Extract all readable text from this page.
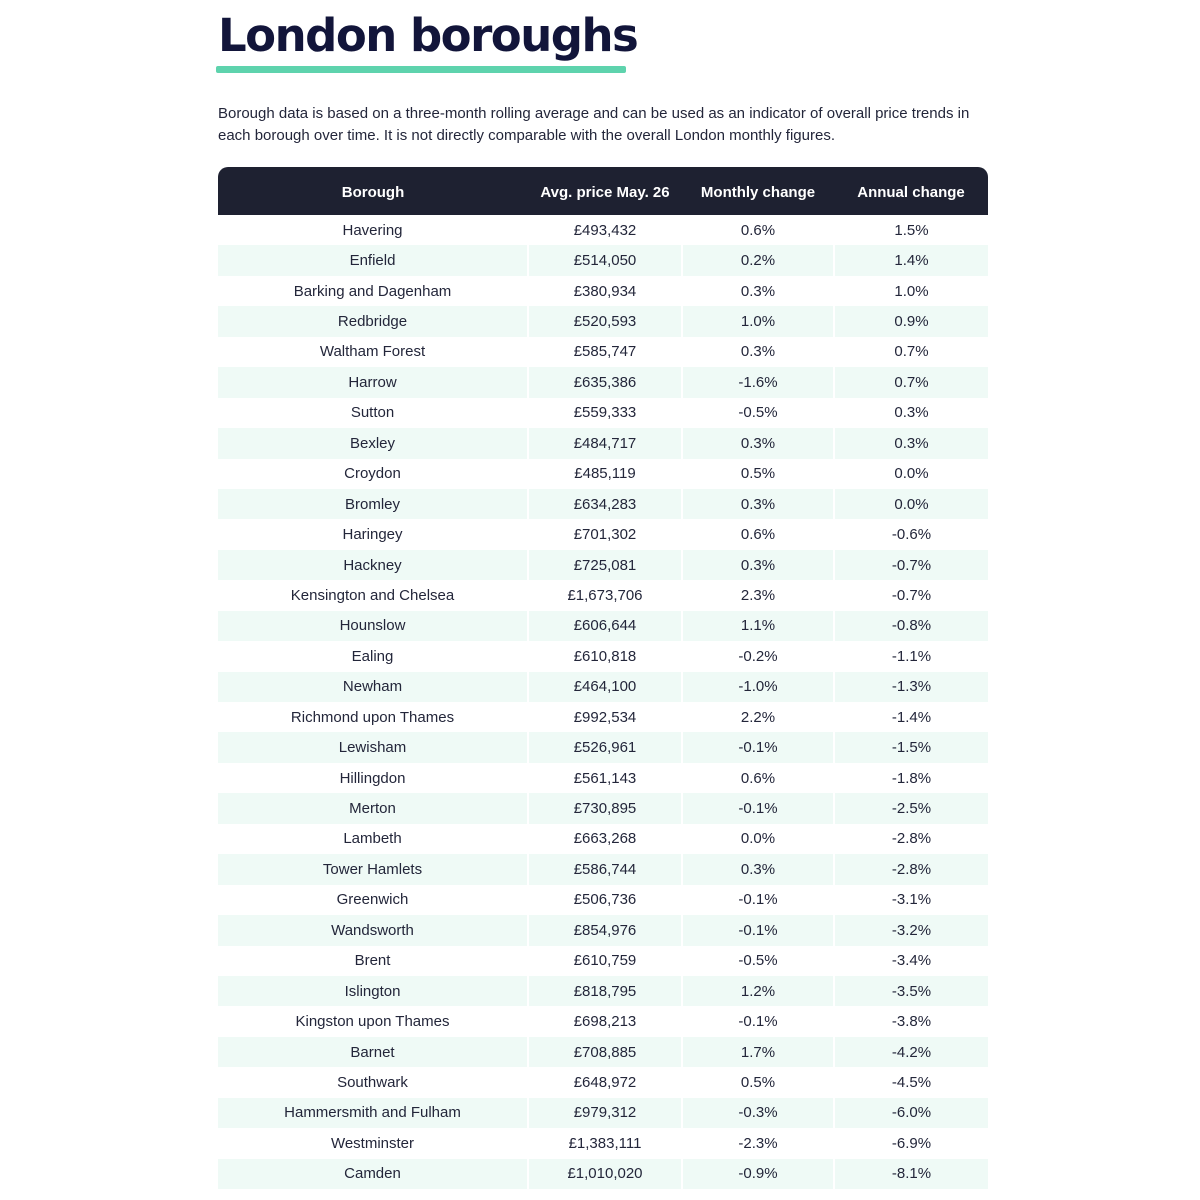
London boroughs

Borough data is based on a three-month rolling average and can be used as an indicator of overall price trends in each borough over time. It is not directly comparable with the overall London monthly figures.

Borough	Avg. price May. 26	Monthly change	Annual change
Havering	£493,432	0.6%	1.5%
Enfield	£514,050	0.2%	1.4%
Barking and Dagenham	£380,934	0.3%	1.0%
Redbridge	£520,593	1.0%	0.9%
Waltham Forest	£585,747	0.3%	0.7%
Harrow	£635,386	-1.6%	0.7%
Sutton	£559,333	-0.5%	0.3%
Bexley	£484,717	0.3%	0.3%
Croydon	£485,119	0.5%	0.0%
Bromley	£634,283	0.3%	0.0%
Haringey	£701,302	0.6%	-0.6%
Hackney	£725,081	0.3%	-0.7%
Kensington and Chelsea	£1,673,706	2.3%	-0.7%
Hounslow	£606,644	1.1%	-0.8%
Ealing	£610,818	-0.2%	-1.1%
Newham	£464,100	-1.0%	-1.3%
Richmond upon Thames	£992,534	2.2%	-1.4%
Lewisham	£526,961	-0.1%	-1.5%
Hillingdon	£561,143	0.6%	-1.8%
Merton	£730,895	-0.1%	-2.5%
Lambeth	£663,268	0.0%	-2.8%
Tower Hamlets	£586,744	0.3%	-2.8%
Greenwich	£506,736	-0.1%	-3.1%
Wandsworth	£854,976	-0.1%	-3.2%
Brent	£610,759	-0.5%	-3.4%
Islington	£818,795	1.2%	-3.5%
Kingston upon Thames	£698,213	-0.1%	-3.8%
Barnet	£708,885	1.7%	-4.2%
Southwark	£648,972	0.5%	-4.5%
Hammersmith and Fulham	£979,312	-0.3%	-6.0%
Westminster	£1,383,111	-2.3%	-6.9%
Camden	£1,010,020	-0.9%	-8.1%
